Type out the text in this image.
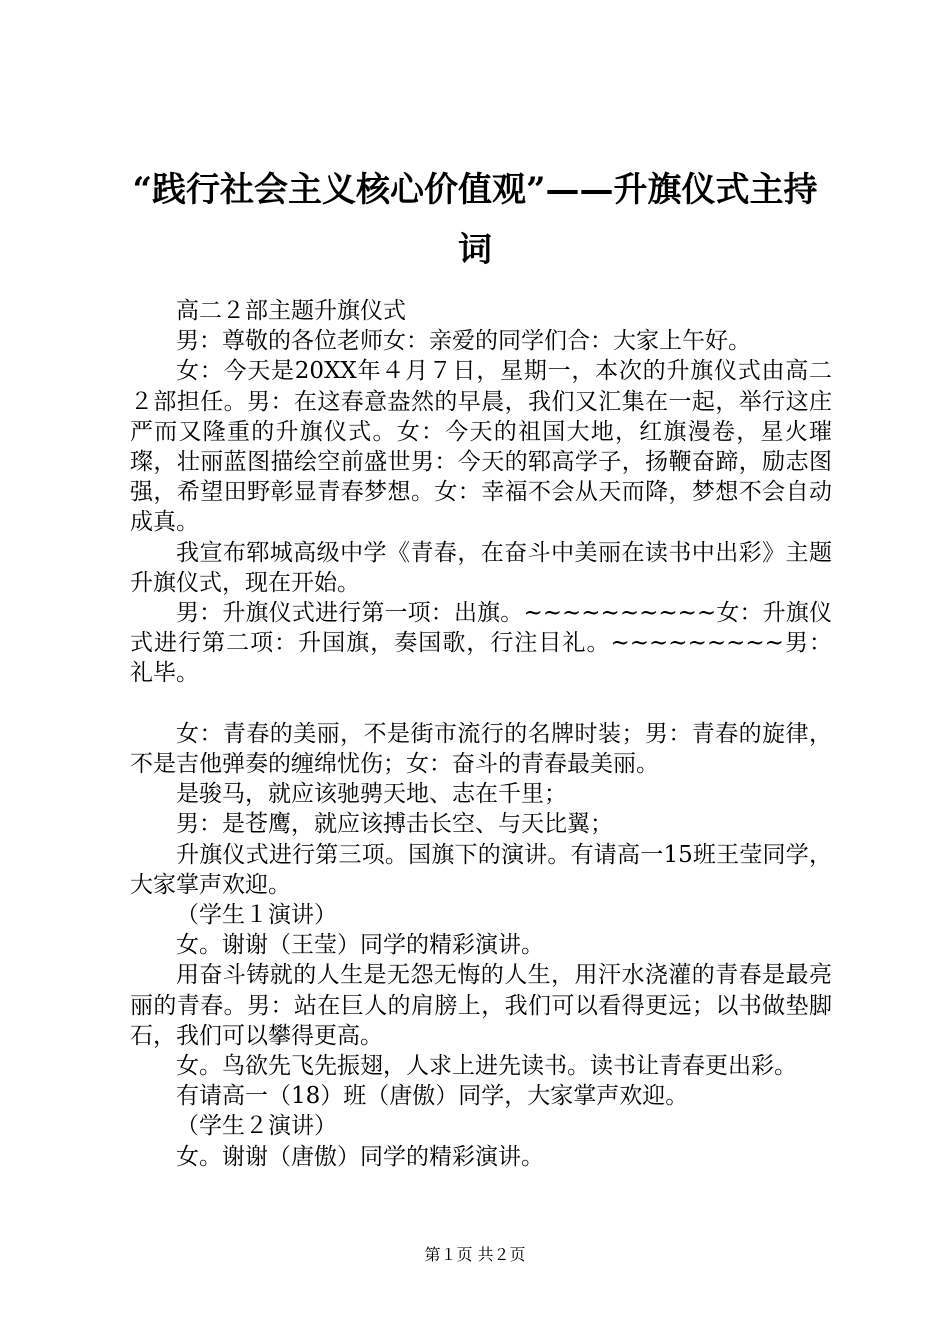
“践行社会主义核心价值观”——升旗仪式主持词

高二２部主题升旗仪式

男：尊敬的各位老师女：亲爱的同学们合：大家上午好。

女：今天是20XX年４月７日，星期一，本次的升旗仪式由高二２部担任。男：在这春意盎然的早晨，我们又汇集在一起，举行这庄严而又隆重的升旗仪式。女：今天的祖国大地，红旗漫卷，星火璀璨，壮丽蓝图描绘空前盛世男：今天的郓高学子，扬鞭奋蹄，励志图强，希望田野彰显青春梦想。女：幸福不会从天而降，梦想不会自动成真。

我宣布郓城高级中学《青春，在奋斗中美丽在读书中出彩》主题升旗仪式，现在开始。

男：升旗仪式进行第一项：出旗。~~~~~~~~~~女：升旗仪式进行第二项：升国旗，奏国歌，行注目礼。~~~~~~~~~男：礼毕。

女：青春的美丽，不是街市流行的名牌时装；男：青春的旋律，不是吉他弹奏的缠绵忧伤；女：奋斗的青春最美丽。

是骏马，就应该驰骋天地、志在千里；

男：是苍鹰，就应该搏击长空、与天比翼；

升旗仪式进行第三项。国旗下的演讲。有请高一15班王莹同学，大家掌声欢迎。

（学生１演讲）

女。谢谢（王莹）同学的精彩演讲。

用奋斗铸就的人生是无怨无悔的人生，用汗水浇灌的青春是最亮丽的青春。男：站在巨人的肩膀上，我们可以看得更远；以书做垫脚石，我们可以攀得更高。

女。鸟欲先飞先振翅，人求上进先读书。读书让青春更出彩。

有请高一（18）班（唐傲）同学，大家掌声欢迎。

（学生２演讲）

女。谢谢（唐傲）同学的精彩演讲。

第１页 共２页
